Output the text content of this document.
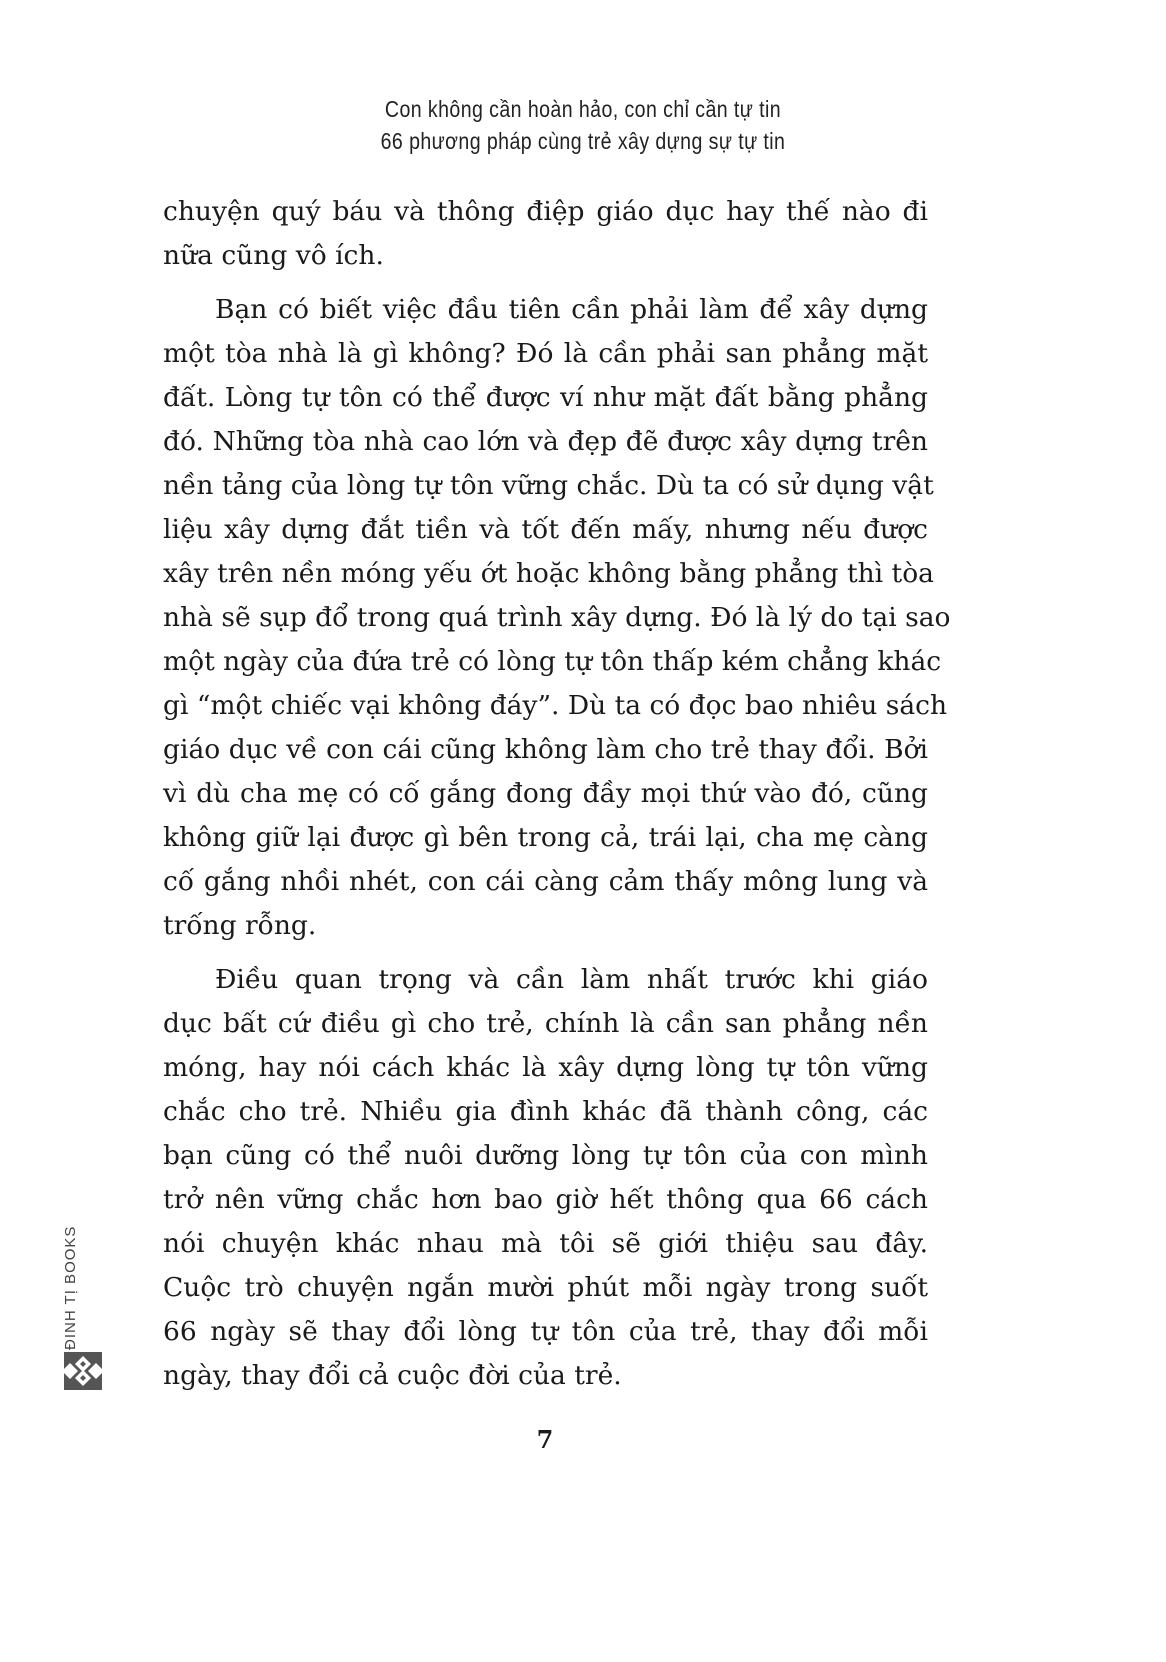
Con không cần hoàn hảo, con chỉ cần tự tin
66 phương pháp cùng trẻ xây dựng sự tự tin
chuyện quý báu và thông điệp giáo dục hay thế nào đi
nữa cũng vô ích.
Bạn có biết việc đầu tiên cần phải làm để xây dựng
một tòa nhà là gì không? Đó là cần phải san phẳng mặt
đất. Lòng tự tôn có thể được ví như mặt đất bằng phẳng
đó. Những tòa nhà cao lớn và đẹp đẽ được xây dựng trên
nền tảng của lòng tự tôn vững chắc. Dù ta có sử dụng vật
liệu xây dựng đắt tiền và tốt đến mấy, nhưng nếu được
xây trên nền móng yếu ớt hoặc không bằng phẳng thì tòa
nhà sẽ sụp đổ trong quá trình xây dựng. Đó là lý do tại sao
một ngày của đứa trẻ có lòng tự tôn thấp kém chẳng khác
gì “một chiếc vại không đáy”. Dù ta có đọc bao nhiêu sách
giáo dục về con cái cũng không làm cho trẻ thay đổi. Bởi
vì dù cha mẹ có cố gắng đong đầy mọi thứ vào đó, cũng
không giữ lại được gì bên trong cả, trái lại, cha mẹ càng
cố gắng nhồi nhét, con cái càng cảm thấy mông lung và
trống rỗng.
Điều quan trọng và cần làm nhất trước khi giáo
dục bất cứ điều gì cho trẻ, chính là cần san phẳng nền
móng, hay nói cách khác là xây dựng lòng tự tôn vững
chắc cho trẻ. Nhiều gia đình khác đã thành công, các
bạn cũng có thể nuôi dưỡng lòng tự tôn của con mình
trở nên vững chắc hơn bao giờ hết thông qua 66 cách
nói chuyện khác nhau mà tôi sẽ giới thiệu sau đây.
Cuộc trò chuyện ngắn mười phút mỗi ngày trong suốt
66 ngày sẽ thay đổi lòng tự tôn của trẻ, thay đổi mỗi
ngày, thay đổi cả cuộc đời của trẻ.
7
ĐINH TỊ BOOKS
